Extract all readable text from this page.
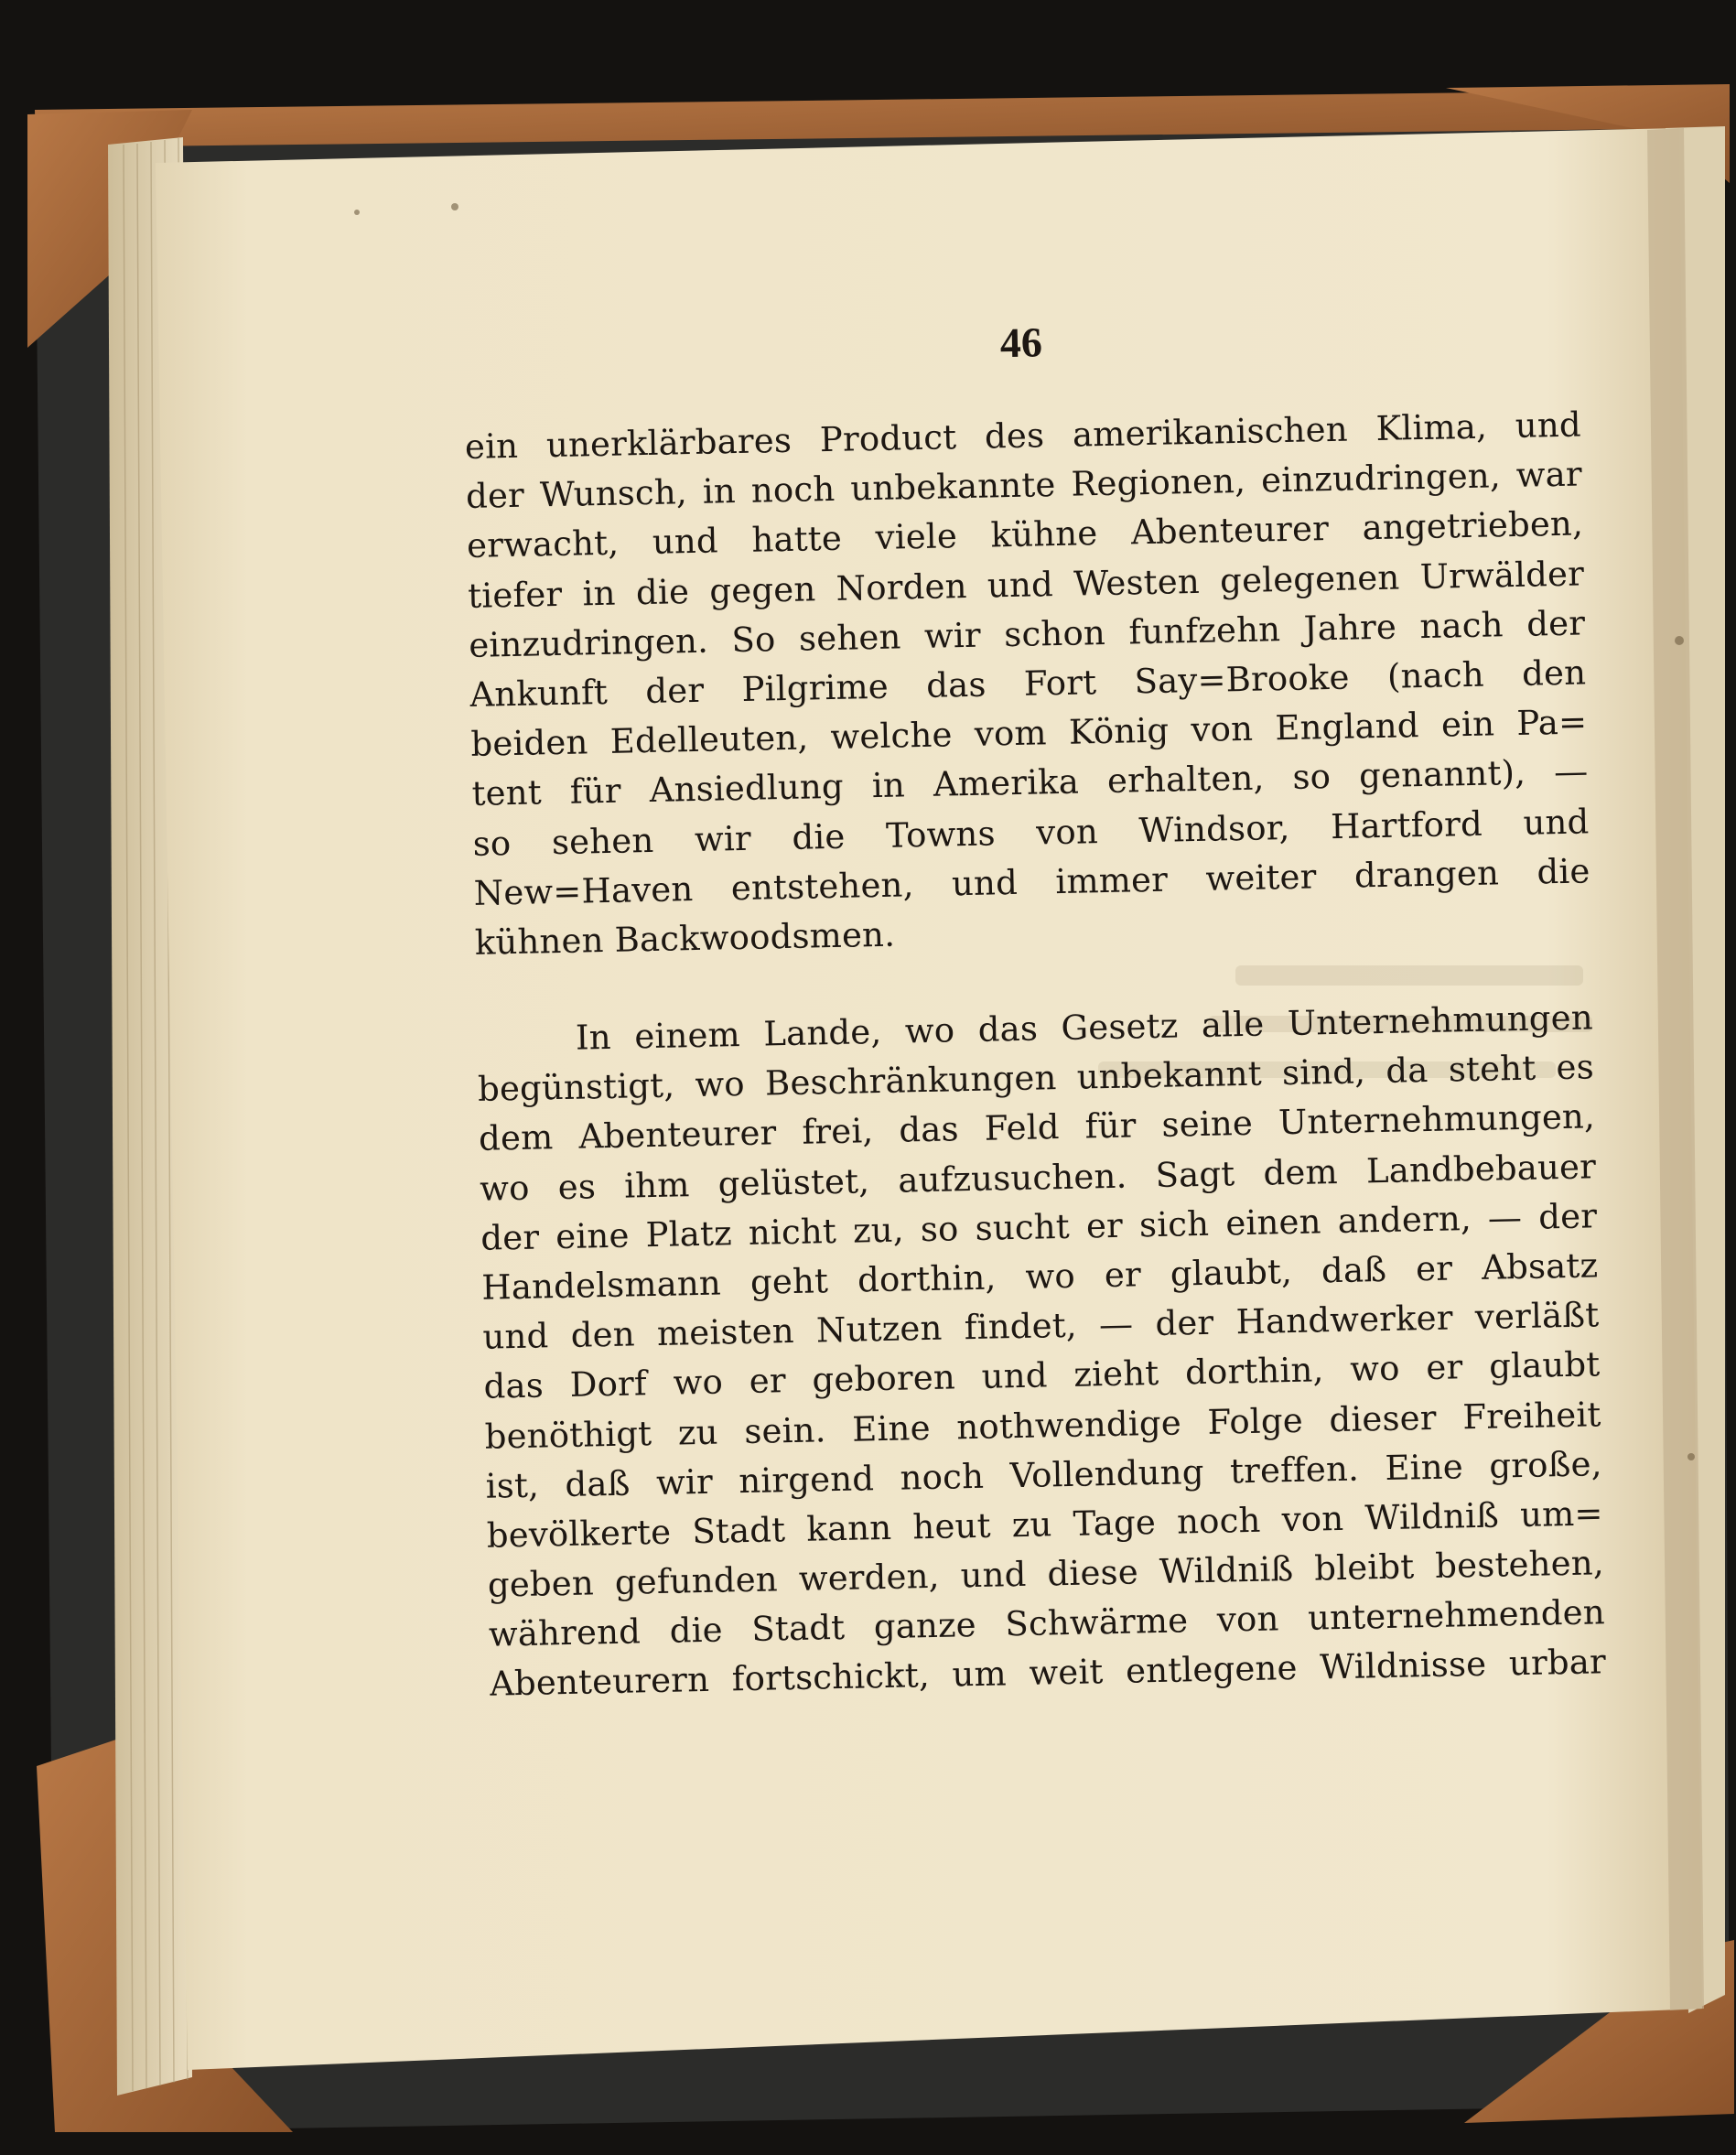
46
ein unerklärbares Product des amerikanischen Klima, und
der Wunsch, in noch unbekannte Regionen, einzudringen, war
erwacht, und hatte viele kühne Abenteurer angetrieben,
tiefer in die gegen Norden und Westen gelegenen Urwälder
einzudringen. So sehen wir schon funfzehn Jahre nach der
Ankunft der Pilgrime das Fort Say=Brooke (nach den
beiden Edelleuten, welche vom König von England ein Pa=
tent für Ansiedlung in Amerika erhalten, so genannt), —
so sehen wir die Towns von Windsor, Hartford und
New=Haven entstehen, und immer weiter drangen die
kühnen Backwoodsmen.
In einem Lande, wo das Gesetz alle Unternehmungen
begünstigt, wo Beschränkungen unbekannt sind, da steht es
dem Abenteurer frei, das Feld für seine Unternehmungen,
wo es ihm gelüstet, aufzusuchen. Sagt dem Landbebauer
der eine Platz nicht zu, so sucht er sich einen andern, — der
Handelsmann geht dorthin, wo er glaubt, daß er Absatz
und den meisten Nutzen findet, — der Handwerker verläßt
das Dorf wo er geboren und zieht dorthin, wo er glaubt
benöthigt zu sein. Eine nothwendige Folge dieser Freiheit
ist, daß wir nirgend noch Vollendung treffen. Eine große,
bevölkerte Stadt kann heut zu Tage noch von Wildniß um=
geben gefunden werden, und diese Wildniß bleibt bestehen,
während die Stadt ganze Schwärme von unternehmenden
Abenteurern fortschickt, um weit entlegene Wildnisse urbar
